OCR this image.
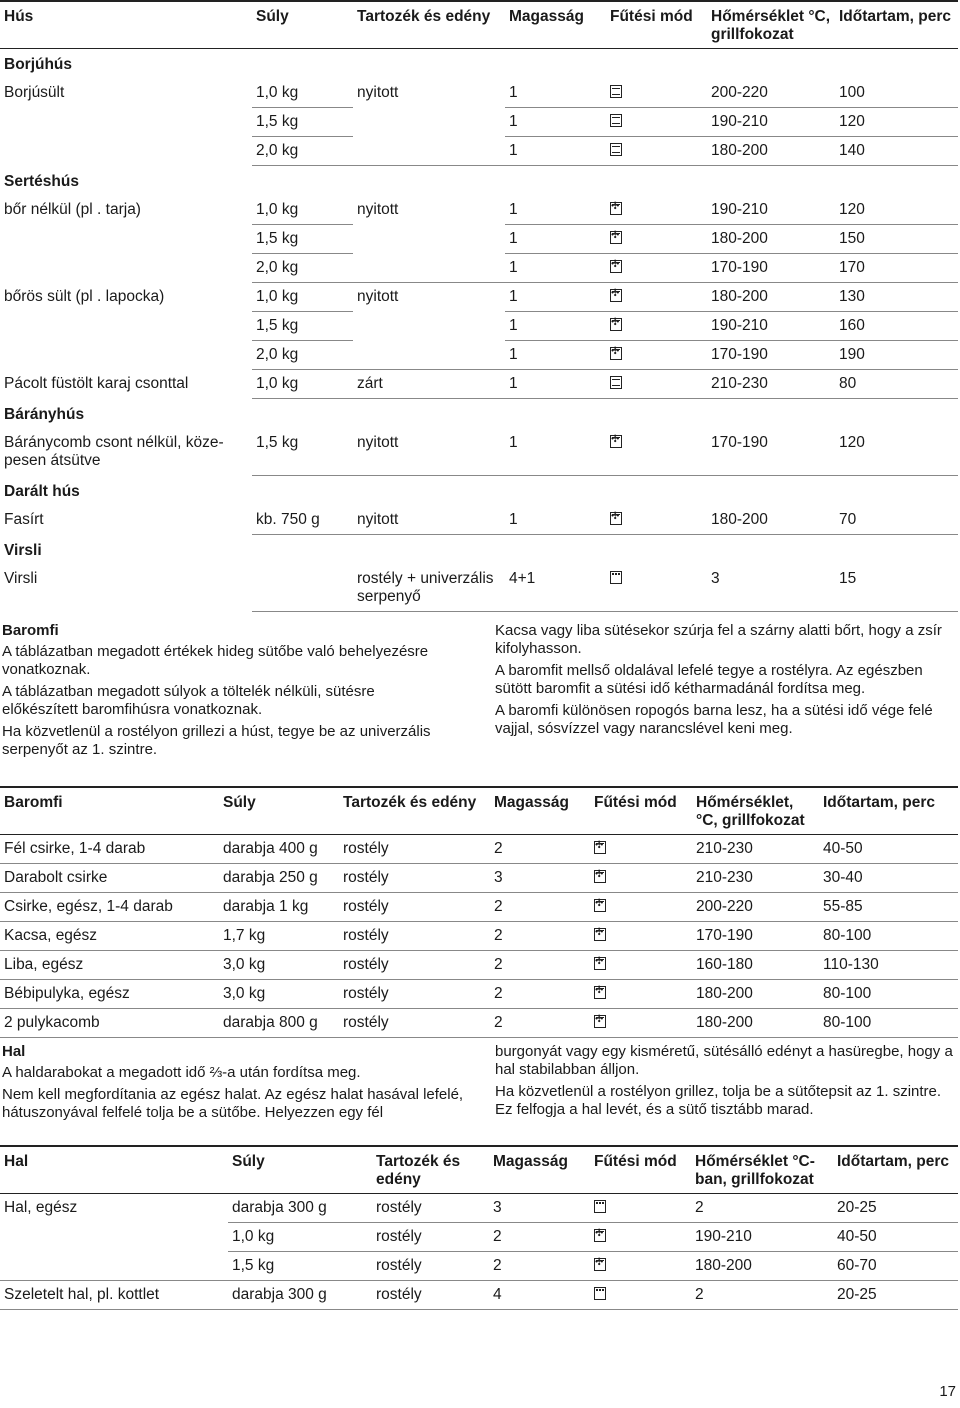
Hús	Súly	Tartozék és edény	Magasság	Fűtési mód	Hőmérséklet °C, grillfokozat	Időtartam, perc
Borjúhús						
Borjúsült	1,0 kg	nyitott	1		200-220	100
	1,5 kg		1		190-210	120
	2,0 kg		1		180-200	140
Sertéshús						
bőr nélkül (pl . tarja)	1,0 kg	nyitott	1	✣	190-210	120
	1,5 kg		1	✣	180-200	150
	2,0 kg		1	✣	170-190	170
bőrös sült (pl . lapocka)	1,0 kg	nyitott	1	✣	180-200	130
	1,5 kg		1	✣	190-210	160
	2,0 kg		1	✣	170-190	190
Pácolt füstölt karaj csonttal	1,0 kg	zárt	1		210-230	80
Bárányhús						
Báránycomb csont nélkül, köze-pesen átsütve	1,5 kg	nyitott	1	✣	170-190	120
Darált hús						
Fasírt	kb. 750 g	nyitott	1	✣	180-200	70
Virsli						
Virsli		rostély + univerzális serpenyő	4+1		3	15

Baromfi

A táblázatban megadott értékek hideg sütőbe való behelyezésre vonatkoznak.

A táblázatban megadott súlyok a töltelék nélküli, sütésre előkészített baromfihúsra vonatkoznak.

Ha közvetlenül a rostélyon grillezi a húst, tegye be az univerzális serpenyőt az 1. szintre.

Kacsa vagy liba sütésekor szúrja fel a szárny alatti bőrt, hogy a zsír kifolyhasson.

A baromfit mellső oldalával lefelé tegye a rostélyra. Az egészben sütött baromfit a sütési idő kétharmadánál fordítsa meg.

A baromfi különösen ropogós barna lesz, ha a sütési idő vége felé vajjal, sósvízzel vagy narancslével keni meg.

Baromfi	Súly	Tartozék és edény	Magasság	Fűtési mód	Hőmérséklet, °C, grillfokozat	Időtartam, perc
Fél csirke, 1-4 darab	darabja 400 g	rostély	2	✣	210-230	40-50
Darabolt csirke	darabja 250 g	rostély	3	✣	210-230	30-40
Csirke, egész, 1-4 darab	darabja 1 kg	rostély	2	✣	200-220	55-85
Kacsa, egész	1,7 kg	rostély	2	✣	170-190	80-100
Liba, egész	3,0 kg	rostély	2	✣	160-180	110-130
Bébipulyka, egész	3,0 kg	rostély	2	✣	180-200	80-100
2 pulykacomb	darabja 800 g	rostély	2	✣	180-200	80-100

Hal

A haldarabokat a megadott idő ⅔-a után fordítsa meg.

Nem kell megfordítania az egész halat. Az egész halat hasával lefelé, hátuszonyával felfelé tolja be a sütőbe. Helyezzen egy fél

burgonyát vagy egy kisméretű, sütésálló edényt a hasüregbe, hogy a hal stabilabban álljon.

Ha közvetlenül a rostélyon grillez, tolja be a sütőtepsit az 1. szintre. Ez felfogja a hal levét, és a sütő tisztább marad.

Hal	Súly	Tartozék és edény	Magasság	Fűtési mód	Hőmérséklet °C-ban, grillfokozat	Időtartam, perc
Hal, egész	darabja 300 g	rostély	3		2	20-25
	1,0 kg	rostély	2	✣	190-210	40-50
	1,5 kg	rostély	2	✣	180-200	60-70
Szeletelt hal, pl. kottlet	darabja 300 g	rostély	4		2	20-25
17
